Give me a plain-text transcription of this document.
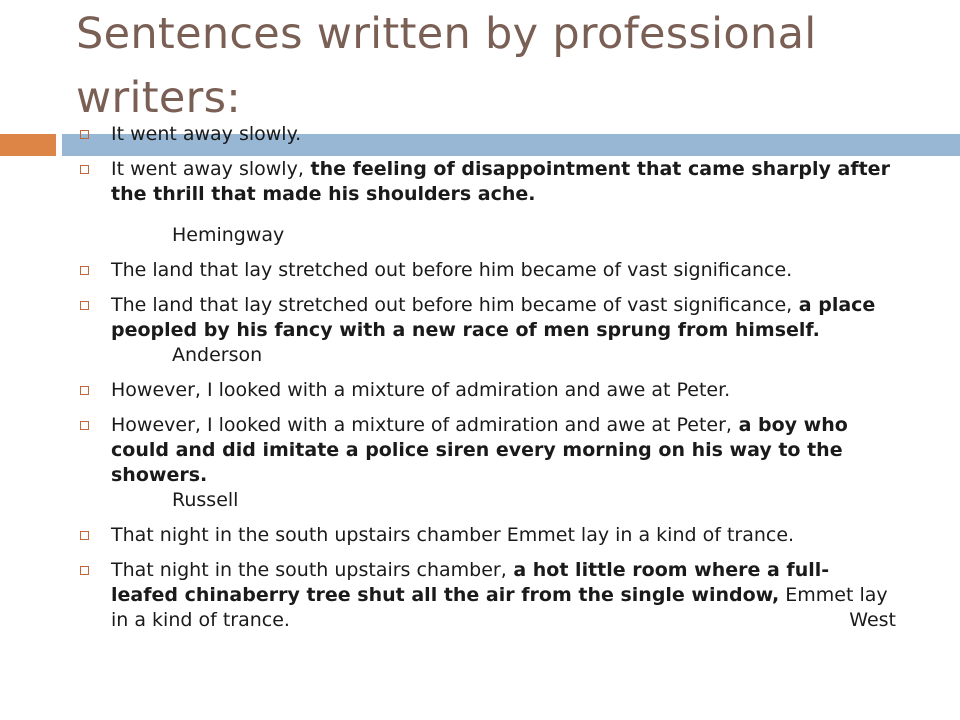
Sentences written by professional writers:
It went away slowly.
It went away slowly, the feeling of disappointment that came sharply after the thrill that made his shoulders ache.
Hemingway
The land that lay stretched out before him became of vast significance.
The land that lay stretched out before him became of vast significance, a place peopled by his fancy with a new race of men sprung from himself.
Anderson
However, I looked with a mixture of admiration and awe at Peter.
However, I looked with a mixture of admiration and awe at Peter, a boy who could and did imitate a police siren every morning on his way to the showers.
Russell
That night in the south upstairs chamber Emmet lay in a kind of trance.
That night in the south upstairs chamber, a hot little room where a full-leafed chinaberry tree shut all the air from the single window, Emmet lay in a kind of trance.	West
